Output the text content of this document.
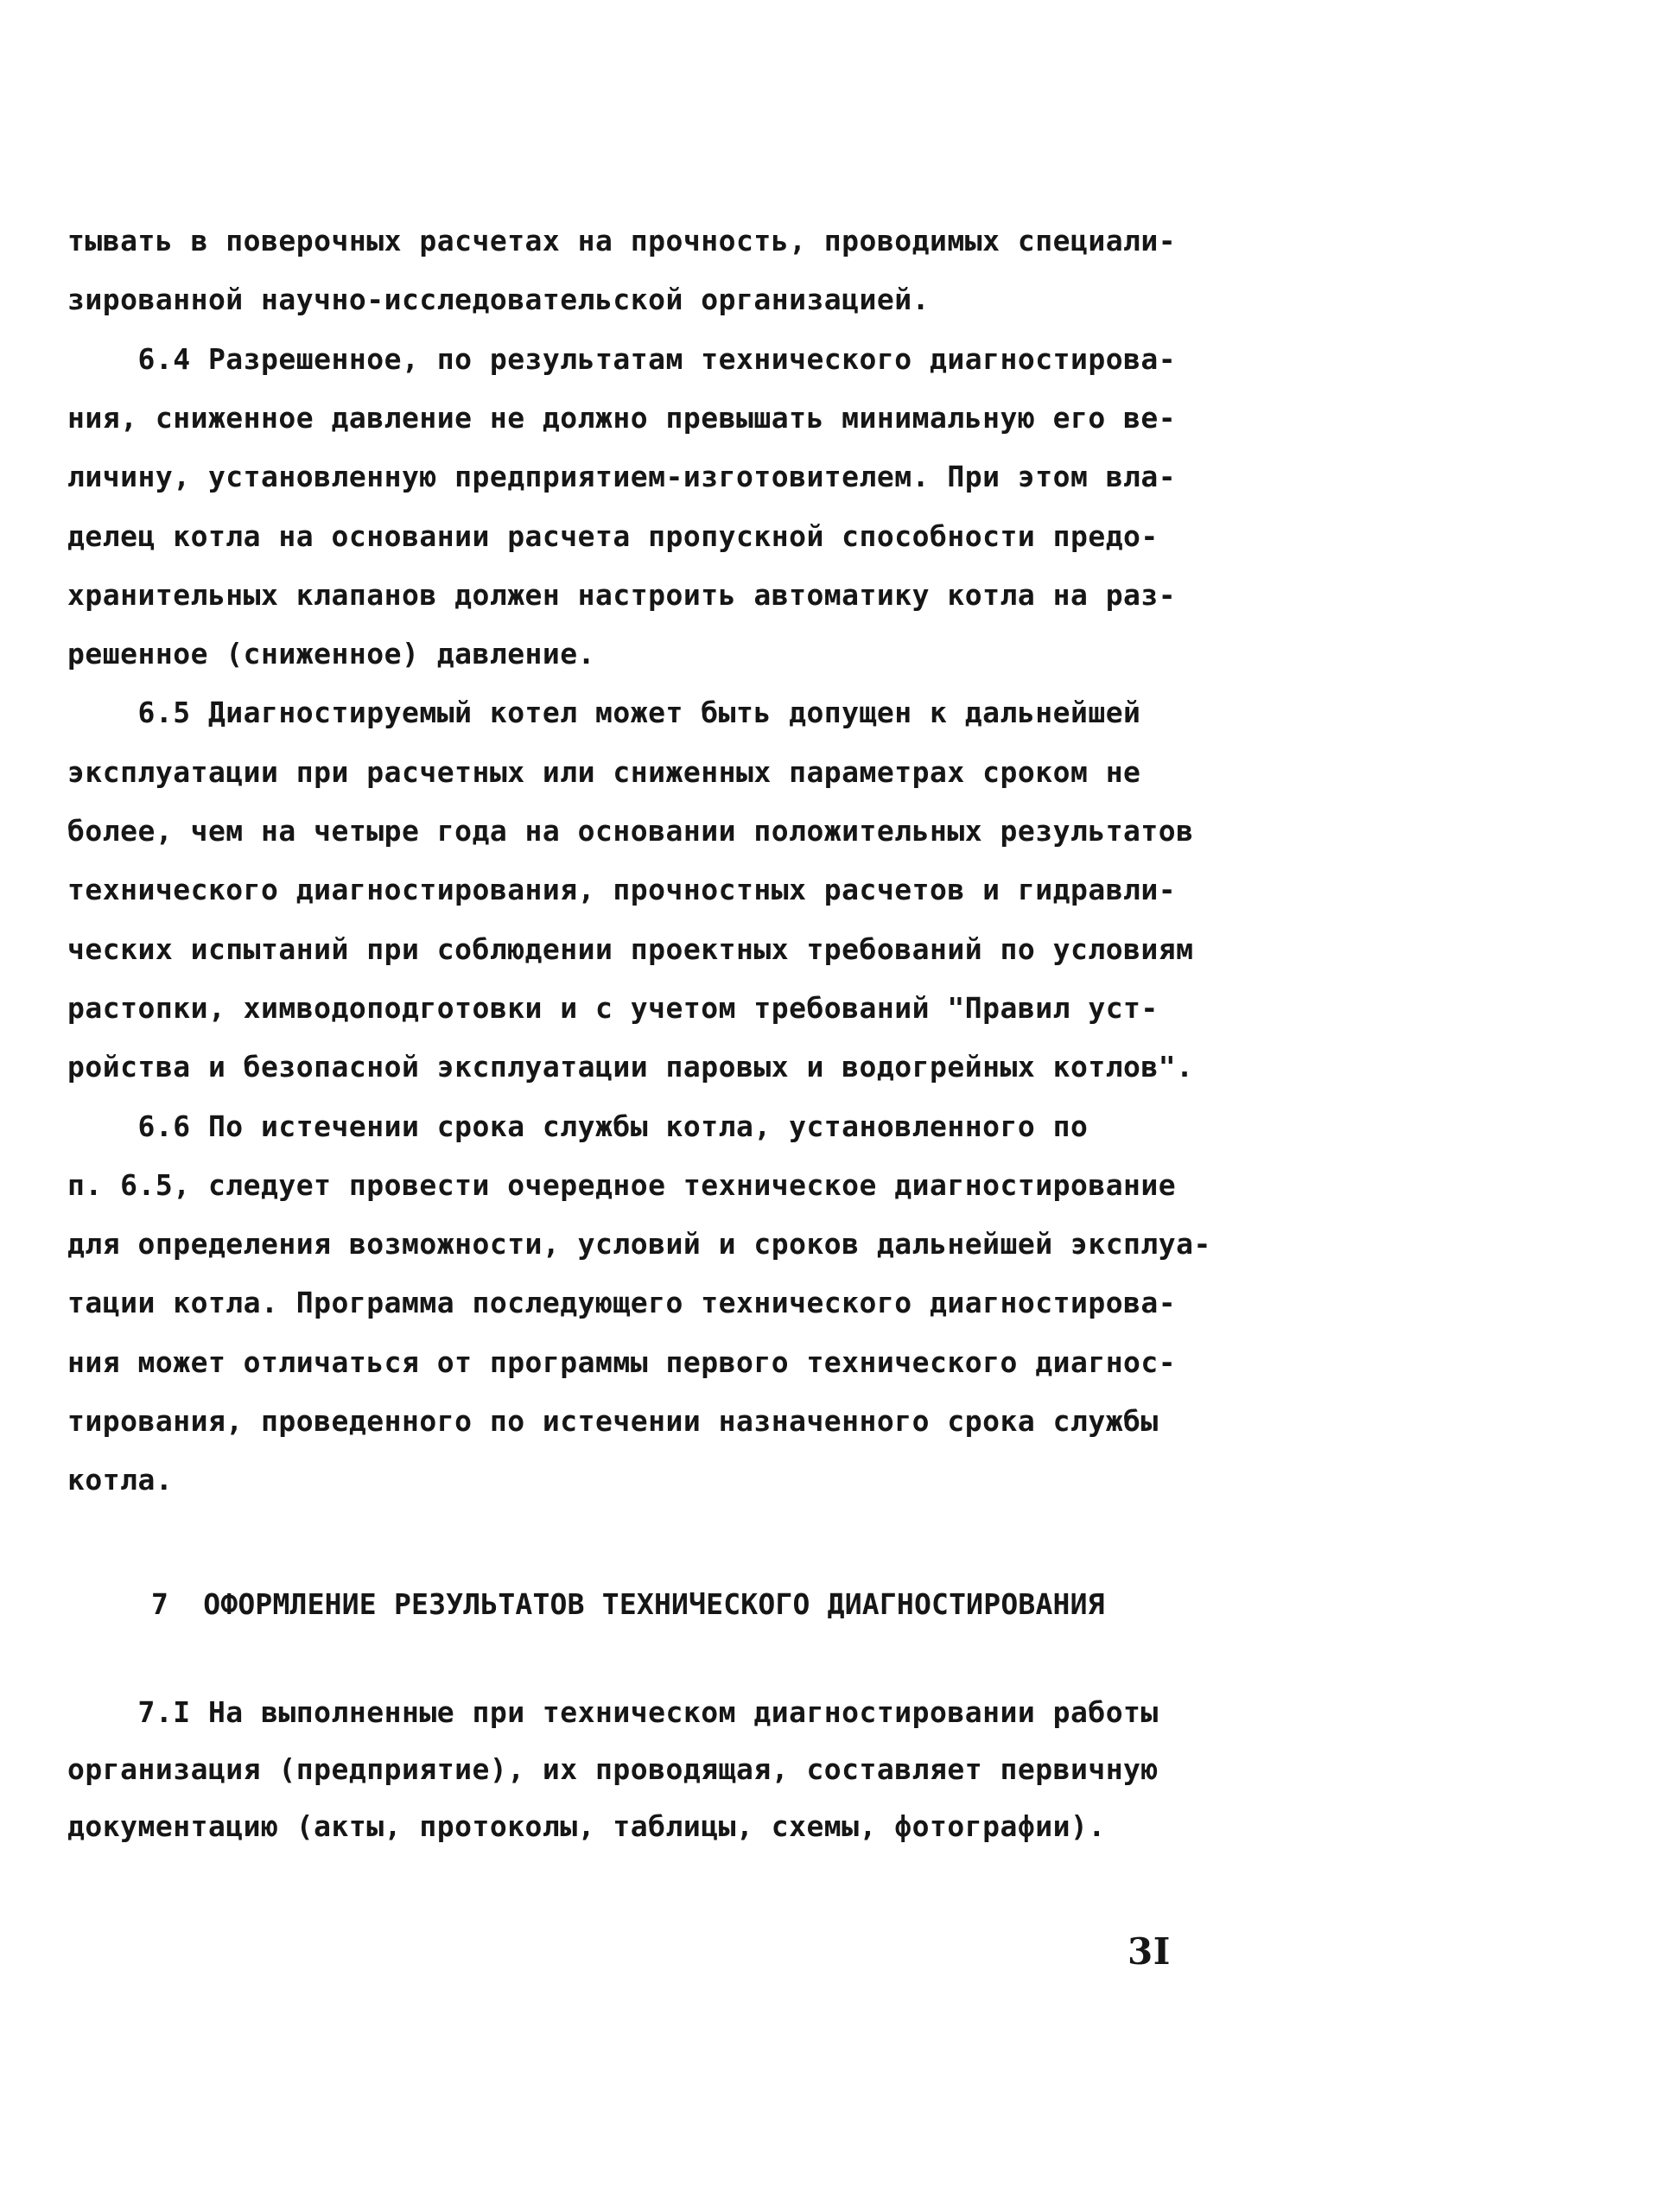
тывать в поверочных расчетах на прочность, проводимых специали-
зированной научно-исследовательской организацией.
6.4 Разрешенное, по результатам технического диагностирова-
ния, сниженное давление не должно превышать минимальную его ве-
личину, установленную предприятием-изготовителем. При этом вла-
делец котла на основании расчета пропускной способности предо-
хранительных клапанов должен настроить автоматику котла на раз-
решенное (сниженное) давление.
6.5 Диагностируемый котел может быть допущен к дальнейшей
эксплуатации при расчетных или сниженных параметрах сроком не
более, чем на четыре года на основании положительных результатов
технического диагностирования, прочностных расчетов и гидравли-
ческих испытаний при соблюдении проектных требований по условиям
растопки, химводоподготовки и с учетом требований "Правил уст-
ройства и безопасной эксплуатации паровых и водогрейных котлов".
6.6 По истечении срока службы котла, установленного по
п. 6.5, следует провести очередное техническое диагностирование
для определения возможности, условий и сроков дальнейшей эксплуа-
тации котла. Программа последующего технического диагностирова-
ния может отличаться от программы первого технического диагнос-
тирования, проведенного по истечении назначенного срока службы
котла.
7.I На выполненные при техническом диагностировании работы
организация (предприятие), их проводящая, составляет первичную
документацию (акты, протоколы, таблицы, схемы, фотографии).
7  ОФОРМЛЕНИЕ РЕЗУЛЬТАТОВ ТЕХНИЧЕСКОГО ДИАГНОСТИРОВАНИЯ
3I
